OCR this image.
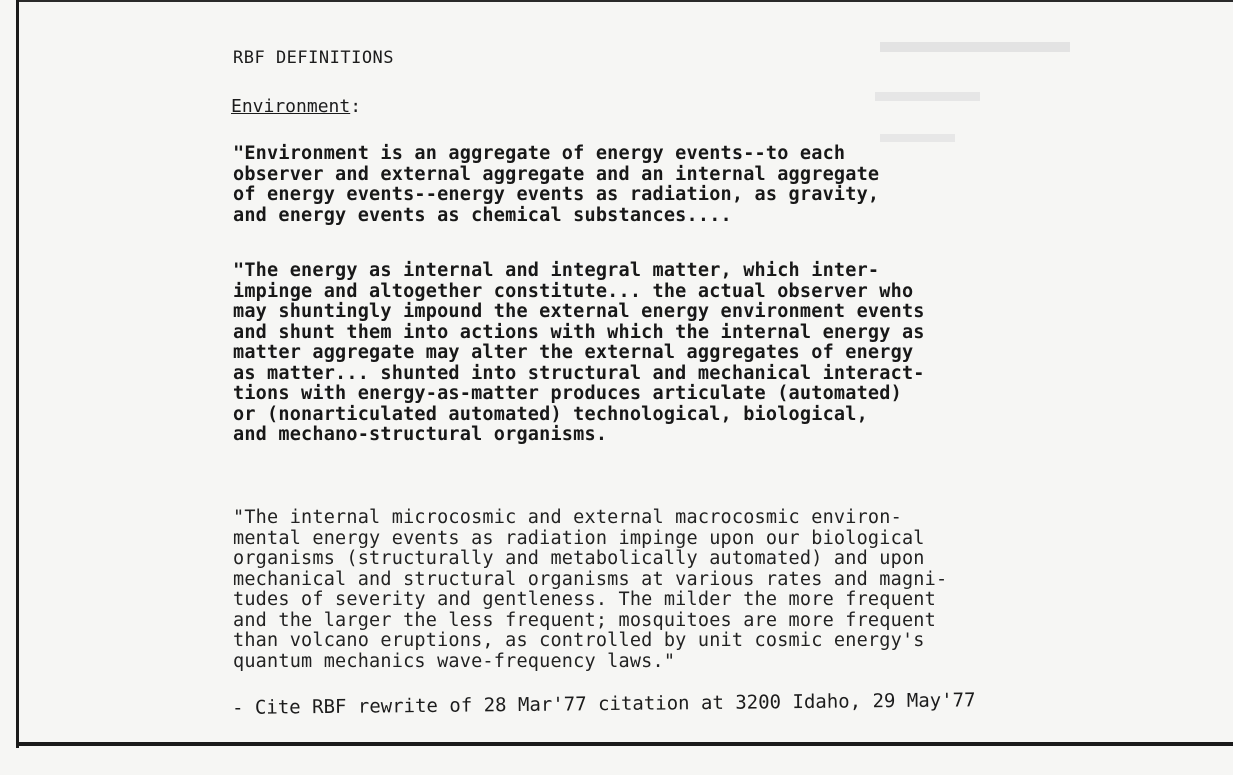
RBF DEFINITIONS
Environment:

"Environment is an aggregate of energy events--to each
observer and external aggregate and an internal aggregate
of energy events--energy events as radiation, as gravity,
and energy events as chemical substances....

"The energy as internal and integral matter, which inter-
impinge and altogether constitute... the actual observer who
may shuntingly impound the external energy environment events
and shunt them into actions with which the internal energy as
matter aggregate may alter the external aggregates of energy
as matter... shunted into structural and mechanical interact-
tions with energy-as-matter produces articulate (automated)
or (nonarticulated automated) technological, biological,
and mechano-structural organisms.

"The internal microcosmic and external macrocosmic environ-
mental energy events as radiation impinge upon our biological
organisms (structurally and metabolically automated) and upon
mechanical and structural organisms at various rates and magni-
tudes of severity and gentleness. The milder the more frequent
and the larger the less frequent; mosquitoes are more frequent
than volcano eruptions, as controlled by unit cosmic energy's
quantum mechanics wave-frequency laws."

- Cite RBF rewrite of 28 Mar'77 citation at 3200 Idaho, 29 May'77
